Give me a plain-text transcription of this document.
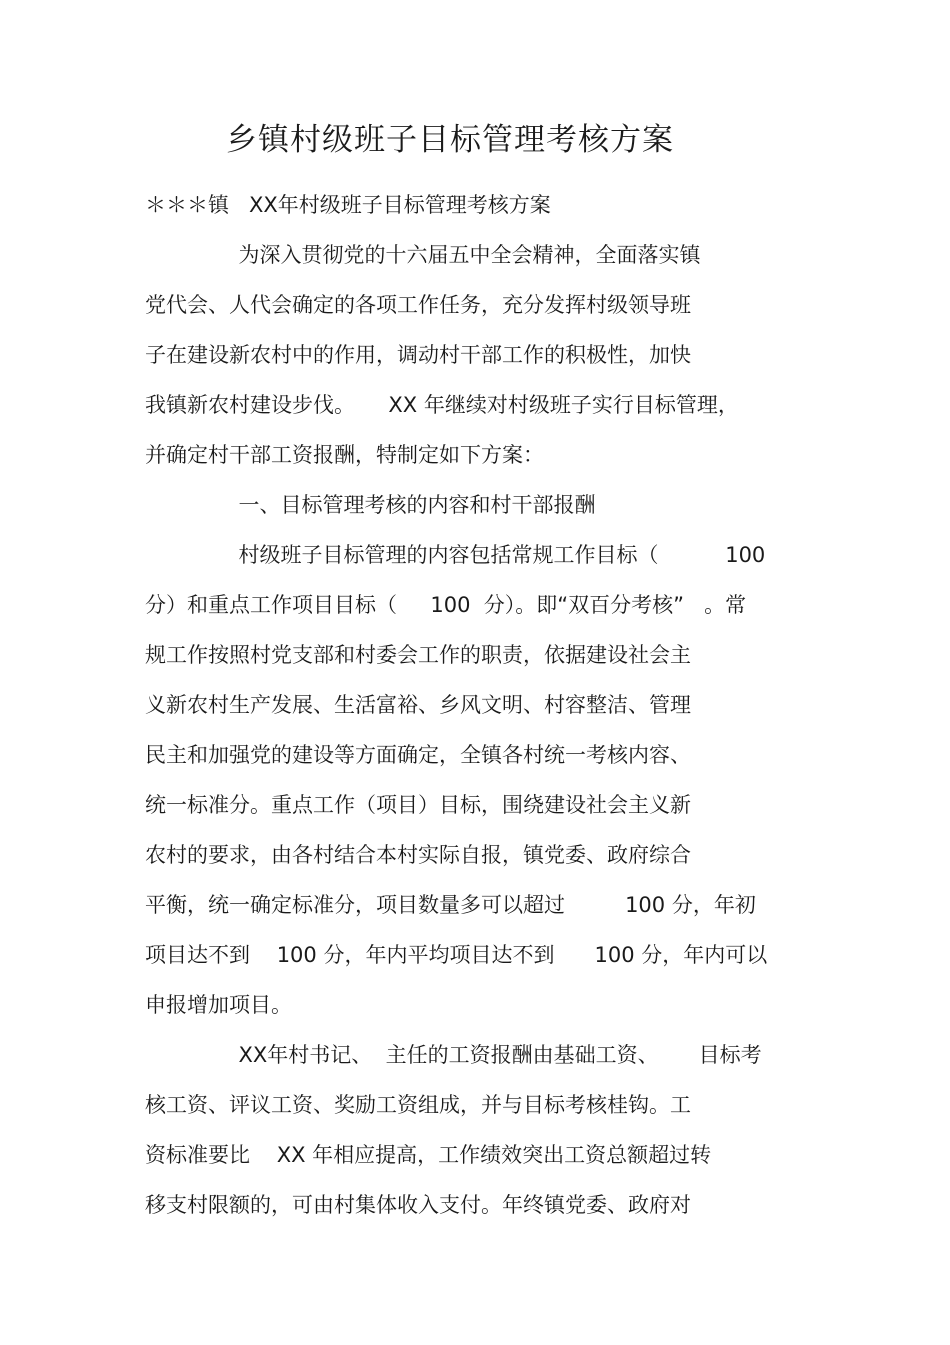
乡镇村级班子目标管理考核方案
＊＊＊镇   XX年村级班子目标管理考核方案
为深入贯彻党的十六届五中全会精神，全面落实镇
党代会、人代会确定的各项工作任务，充分发挥村级领导班
子在建设新农村中的作用，调动村干部工作的积极性，加快
我镇新农村建设步伐。     XX 年继续对村级班子实行目标管理，
并确定村干部工资报酬，特制定如下方案：
一、目标管理考核的内容和村干部报酬
村级班子目标管理的内容包括常规工作目标（          100
分）和重点工作项目目标（     100  分）。即“双百分考核”   。常
规工作按照村党支部和村委会工作的职责，依据建设社会主
义新农村生产发展、生活富裕、乡风文明、村容整洁、管理
民主和加强党的建设等方面确定，全镇各村统一考核内容、
统一标准分。重点工作（项目）目标，围绕建设社会主义新
农村的要求，由各村结合本村实际自报，镇党委、政府综合
平衡，统一确定标准分，项目数量多可以超过         100 分，年初
项目达不到    100 分，年内平均项目达不到      100 分，年内可以
申报增加项目。
XX年村书记、  主任的工资报酬由基础工资、      目标考
核工资、评议工资、奖励工资组成，并与目标考核桂钩。工
资标准要比    XX 年相应提高，工作绩效突出工资总额超过转
移支村限额的，可由村集体收入支付。年终镇党委、政府对
